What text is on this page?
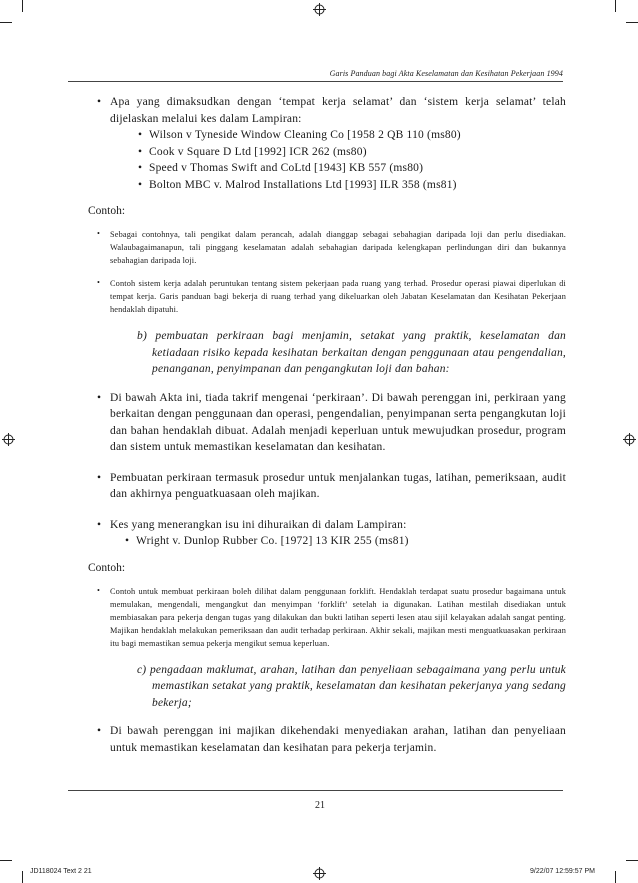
Garis Panduan bagi Akta Keselamatan dan Kesihatan Pekerjaan 1994
• Apa yang dimaksudkan dengan ‘tempat kerja selamat’ dan ‘sistem kerja selamat’ telah dijelaskan melalui kes dalam Lampiran:
• Wilson v Tyneside Window Cleaning Co [1958 2 QB 110 (ms80)
• Cook v Square D Ltd [1992] ICR 262 (ms80)
• Speed v Thomas Swift and CoLtd [1943] KB 557 (ms80)
• Bolton MBC v. Malrod Installations Ltd [1993] ILR 358 (ms81)
Contoh:
• Sebagai contohnya, tali pengikat dalam perancah, adalah dianggap sebagai sebahagian daripada loji dan perlu disediakan. Walaubagaimanapun, tali pinggang keselamatan adalah sebahagian daripada kelengkapan perlindungan diri dan bukannya sebahagian daripada loji.
• Contoh sistem kerja adalah peruntukan tentang sistem pekerjaan pada ruang yang terhad. Prosedur operasi piawai diperlukan di tempat kerja. Garis panduan bagi bekerja di ruang terhad yang dikeluarkan oleh Jabatan Keselamatan dan Kesihatan Pekerjaan hendaklah dipatuhi.
b) pembuatan perkiraan bagi menjamin, setakat yang praktik, keselamatan dan ketiadaan risiko kepada kesihatan berkaitan dengan penggunaan atau pengendalian, penanganan, penyimpanan dan pengangkutan loji dan bahan:
• Di bawah Akta ini, tiada takrif mengenai ‘perkiraan’. Di bawah perenggan ini, perkiraan yang berkaitan dengan penggunaan dan operasi, pengendalian, penyimpanan serta pengangkutan loji dan bahan hendaklah dibuat. Adalah menjadi keperluan untuk mewujudkan prosedur, program dan sistem untuk memastikan keselamatan dan kesihatan.
• Pembuatan perkiraan termasuk prosedur untuk menjalankan tugas, latihan, pemeriksaan, audit dan akhirnya penguatkuasaan oleh majikan.
• Kes yang menerangkan isu ini dihuraikan di dalam Lampiran:
• Wright v. Dunlop Rubber Co. [1972] 13 KIR 255 (ms81)
Contoh:
• Contoh untuk membuat perkiraan boleh dilihat dalam penggunaan forklift. Hendaklah terdapat suatu prosedur bagaimana untuk memulakan, mengendali, mengangkut dan menyimpan ‘forklift’ setelah ia digunakan. Latihan mestilah disediakan untuk membiasakan para pekerja dengan tugas yang dilakukan dan bukti latihan seperti lesen atau sijil kelayakan adalah sangat penting. Majikan hendaklah melakukan pemeriksaan dan audit terhadap perkiraan. Akhir sekali, majikan mesti menguatkuasakan perkiraan itu bagi memastikan semua pekerja mengikut semua keperluan.
c) pengadaan maklumat, arahan, latihan dan penyeliaan sebagaimana yang perlu untuk memastikan setakat yang praktik, keselamatan dan kesihatan pekerjanya yang sedang bekerja;
• Di bawah perenggan ini majikan dikehendaki menyediakan arahan, latihan dan penyeliaan untuk memastikan keselamatan dan kesihatan para pekerja terjamin.
21
JD118024 Text 2 21	9/22/07 12:59:57 PM
